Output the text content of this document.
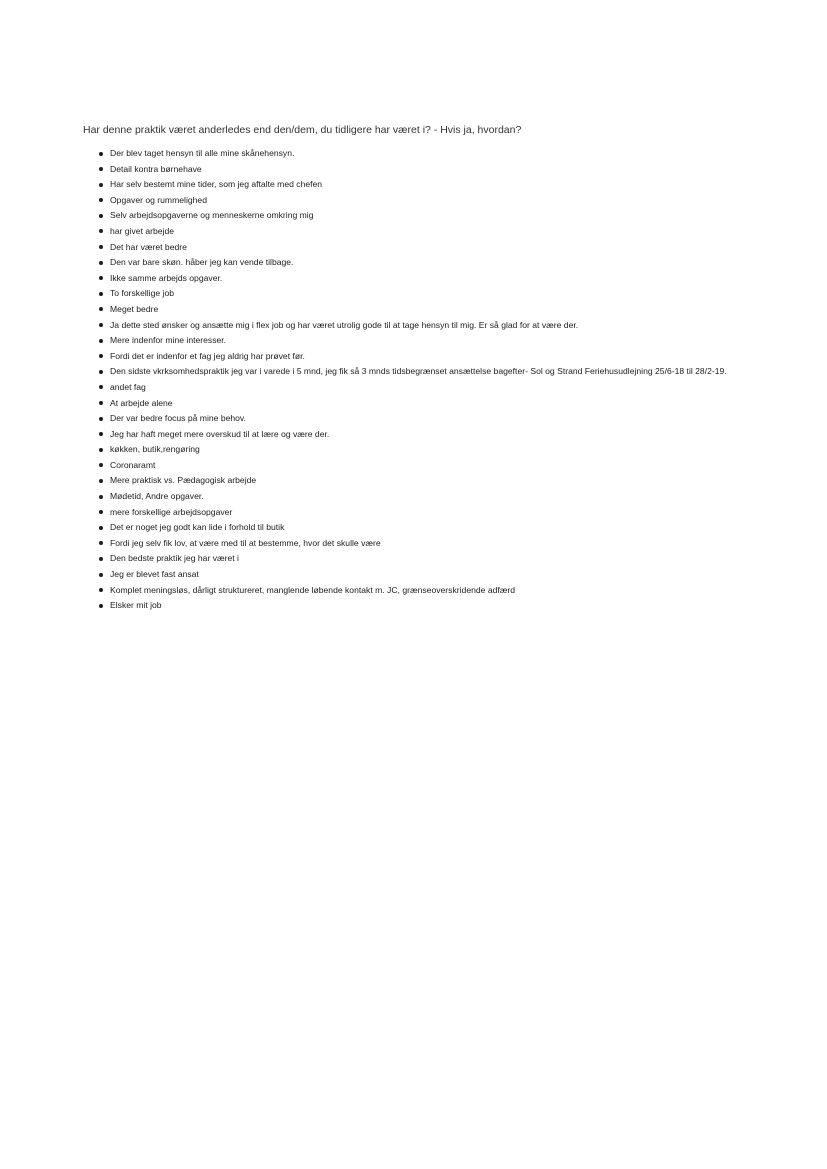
Har denne praktik været anderledes end den/dem, du tidligere har været i? - Hvis ja, hvordan?
Der blev taget hensyn til alle mine skånehensyn.
Detail kontra børnehave
Har selv bestemt mine tider, som jeg aftalte med chefen
Opgaver og rummelighed
Selv arbejdsopgaverne og menneskerne omkring mig
har givet arbejde
Det har været bedre
Den var bare skøn. håber jeg kan vende tilbage.
Ikke samme arbejds opgaver.
To forskellige job
Meget bedre
Ja dette sted ønsker og ansætte mig i flex job og har været utrolig gode til at tage hensyn til mig. Er så glad for at være der.
Mere indenfor mine interesser.
Fordi det er indenfor et fag jeg aldrig har prøvet før.
Den sidste vkrksomhedspraktik jeg var i varede i 5 mnd, jeg fik så 3 mnds tidsbegrænset ansættelse bagefter- Sol og Strand Feriehusudlejning 25/6-18 til 28/2-19.
andet fag
At arbejde alene
Der var bedre focus på mine behov.
Jeg har haft meget mere overskud til at lære og være der.
køkken, butik,rengøring
Coronaramt
Mere praktisk vs. Pædagogisk arbejde
Mødetid, Andre opgaver.
mere forskellige arbejdsopgaver
Det er noget jeg godt kan lide i forhold til butik
Fordi jeg selv fik lov, at være med til at bestemme, hvor det skulle være
Den bedste praktik jeg har været i
Jeg er blevet fast ansat
Komplet meningsløs, dårligt struktureret, manglende løbende kontakt m. JC, grænseoverskridende adfærd
Elsker mit job
